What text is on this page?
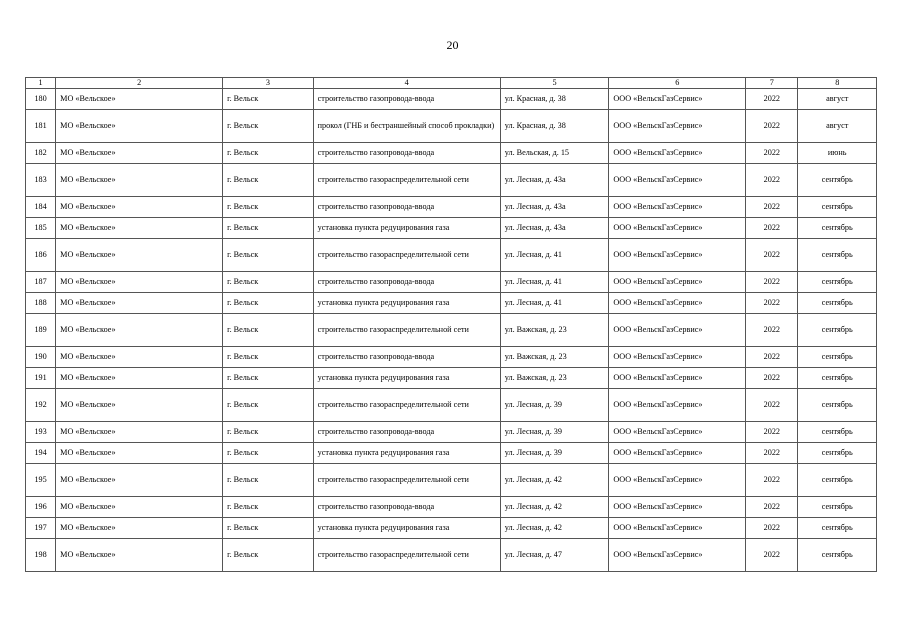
20
1	2	3	4	5	6	7	8
180	МО «Вельское»	г. Вельск	строительство газопровода-ввода	ул. Красная, д. 38	ООО «ВельскГазСервис»	2022	август
181	МО «Вельское»	г. Вельск	прокол (ГНБ и бестраншейный способ прокладки)	ул. Красная, д. 38	ООО «ВельскГазСервис»	2022	август
182	МО «Вельское»	г. Вельск	строительство газопровода-ввода	ул. Вельская, д. 15	ООО «ВельскГазСервис»	2022	июнь
183	МО «Вельское»	г. Вельск	строительство газораспределительной сети	ул. Лесная, д. 43а	ООО «ВельскГазСервис»	2022	сентябрь
184	МО «Вельское»	г. Вельск	строительство газопровода-ввода	ул. Лесная, д. 43а	ООО «ВельскГазСервис»	2022	сентябрь
185	МО «Вельское»	г. Вельск	установка пункта редуцирования газа	ул. Лесная, д. 43а	ООО «ВельскГазСервис»	2022	сентябрь
186	МО «Вельское»	г. Вельск	строительство газораспределительной сети	ул. Лесная, д. 41	ООО «ВельскГазСервис»	2022	сентябрь
187	МО «Вельское»	г. Вельск	строительство газопровода-ввода	ул. Лесная, д. 41	ООО «ВельскГазСервис»	2022	сентябрь
188	МО «Вельское»	г. Вельск	установка пункта редуцирования газа	ул. Лесная, д. 41	ООО «ВельскГазСервис»	2022	сентябрь
189	МО «Вельское»	г. Вельск	строительство газораспределительной сети	ул. Важская, д. 23	ООО «ВельскГазСервис»	2022	сентябрь
190	МО «Вельское»	г. Вельск	строительство газопровода-ввода	ул. Важская, д. 23	ООО «ВельскГазСервис»	2022	сентябрь
191	МО «Вельское»	г. Вельск	установка пункта редуцирования газа	ул. Важская, д. 23	ООО «ВельскГазСервис»	2022	сентябрь
192	МО «Вельское»	г. Вельск	строительство газораспределительной сети	ул. Лесная, д. 39	ООО «ВельскГазСервис»	2022	сентябрь
193	МО «Вельское»	г. Вельск	строительство газопровода-ввода	ул. Лесная, д. 39	ООО «ВельскГазСервис»	2022	сентябрь
194	МО «Вельское»	г. Вельск	установка пункта редуцирования газа	ул. Лесная, д. 39	ООО «ВельскГазСервис»	2022	сентябрь
195	МО «Вельское»	г. Вельск	строительство газораспределительной сети	ул. Лесная, д. 42	ООО «ВельскГазСервис»	2022	сентябрь
196	МО «Вельское»	г. Вельск	строительство газопровода-ввода	ул. Лесная, д. 42	ООО «ВельскГазСервис»	2022	сентябрь
197	МО «Вельское»	г. Вельск	установка пункта редуцирования газа	ул. Лесная, д. 42	ООО «ВельскГазСервис»	2022	сентябрь
198	МО «Вельское»	г. Вельск	строительство газораспределительной сети	ул. Лесная, д. 47	ООО «ВельскГазСервис»	2022	сентябрь
